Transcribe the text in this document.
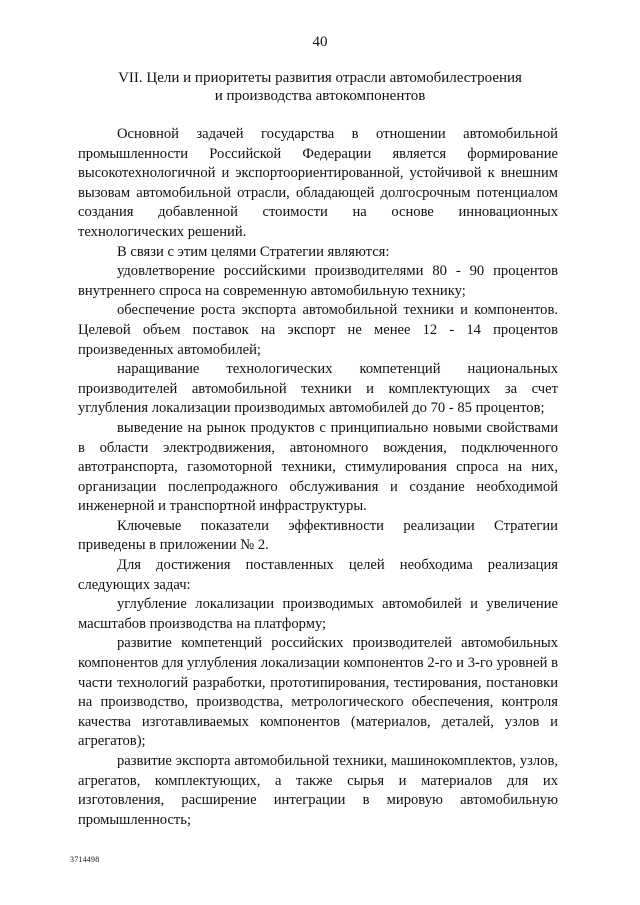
40
VII. Цели и приоритеты развития отрасли автомобилестроения
и производства автокомпонентов

Основной задачей государства в отношении автомобильной промышленности Российской Федерации является формирование высокотехнологичной и экспортоориентированной, устойчивой к внешним вызовам автомобильной отрасли, обладающей долгосрочным потенциалом создания добавленной стоимости на основе инновационных технологических решений.

В связи с этим целями Стратегии являются:

удовлетворение российскими производителями 80 - 90 процентов внутреннего спроса на современную автомобильную технику;

обеспечение роста экспорта автомобильной техники и компонентов. Целевой объем поставок на экспорт не менее 12 - 14 процентов произведенных автомобилей;

наращивание технологических компетенций национальных производителей автомобильной техники и комплектующих за счет углубления локализации производимых автомобилей до 70 - 85 процентов;

выведение на рынок продуктов с принципиально новыми свойствами в области электродвижения, автономного вождения, подключенного автотранспорта, газомоторной техники, стимулирования спроса на них, организации послепродажного обслуживания и создание необходимой инженерной и транспортной инфраструктуры.

Ключевые показатели эффективности реализации Стратегии приведены в приложении № 2.

Для достижения поставленных целей необходима реализация следующих задач:

углубление локализации производимых автомобилей и увеличение масштабов производства на платформу;

развитие компетенций российских производителей автомобильных компонентов для углубления локализации компонентов 2-го и 3-го уровней в части технологий разработки, прототипирования, тестирования, постановки на производство, производства, метрологического обеспечения, контроля качества изготавливаемых компонентов (материалов, деталей, узлов и агрегатов);

развитие экспорта автомобильной техники, машинокомплектов, узлов, агрегатов, комплектующих, а также сырья и материалов для их изготовления, расширение интеграции в мировую автомобильную промышленность;

3714498
